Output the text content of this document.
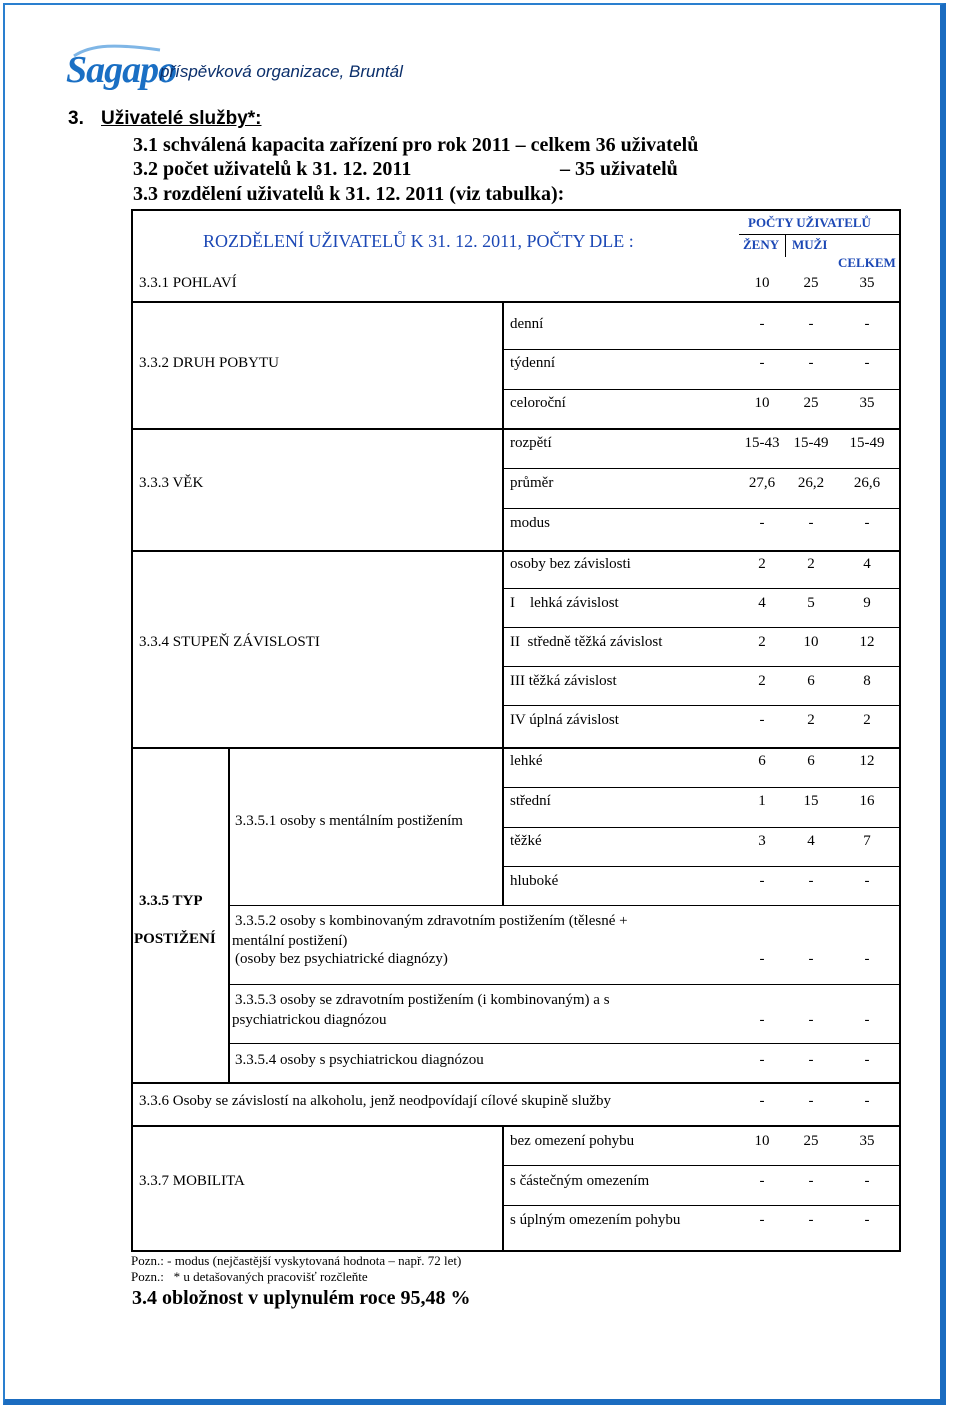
Sagapo
příspěvková organizace, Bruntál
3. Uživatelé služby*:
3.1 schválená kapacita zařízení pro rok 2011 – celkem 36 uživatelů
3.2 počet uživatelů k 31. 12. 2011	– 35 uživatelů
3.3 rozdělení uživatelů k 31. 12. 2011 (viz tabulka):
ROZDĚLENÍ UŽIVATELŮ K 31. 12. 2011, POČTY DLE :
POČTY UŽIVATELŮ
ŽENY MUŽI
CELKEM
3.3.1 POHLAVÍ	10	25	35
3.3.2 DRUH POBYTU
denní	-	-	-
týdenní	-	-	-
celoroční	10	25	35
3.3.3 VĚK
rozpětí	15-43 15-49 15-49
průměr	27,6	26,2	26,6
modus	-	-	-
3.3.4 STUPEŇ ZÁVISLOSTI
osoby bez závislosti	2	2	4
I    lehká závislost	4	5	9
II  středně těžká závislost	2	10	12
III těžká závislost	2	6	8
IV úplná závislost	-	2	2
3.3.5 TYP
POSTIŽENÍ
3.3.5.1 osoby s mentálním postižením
lehké	6	6	12
střední	1	15	16
těžké	3	4	7
hluboké	-	-	-
3.3.5.2 osoby s kombinovaným zdravotním postižením (tělesné +
mentální postižení)
(osoby bez psychiatrické diagnózy)	-	-	-
3.3.5.3 osoby se zdravotním postižením (i kombinovaným) a s
psychiatrickou diagnózou	-	-	-
3.3.5.4 osoby s psychiatrickou diagnózou	-	-	-
3.3.6 Osoby se závislostí na alkoholu, jenž neodpovídají cílové skupině služby	-	-	-
3.3.7 MOBILITA
bez omezení pohybu	10	25	35
s částečným omezením	-	-	-
s úplným omezením pohybu	-	-	-
Pozn.: - modus (nejčastější vyskytovaná hodnota – např. 72 let)
Pozn.:   * u detašovaných pracovišť rozčleňte
3.4 obložnost v uplynulém roce 95,48 %
